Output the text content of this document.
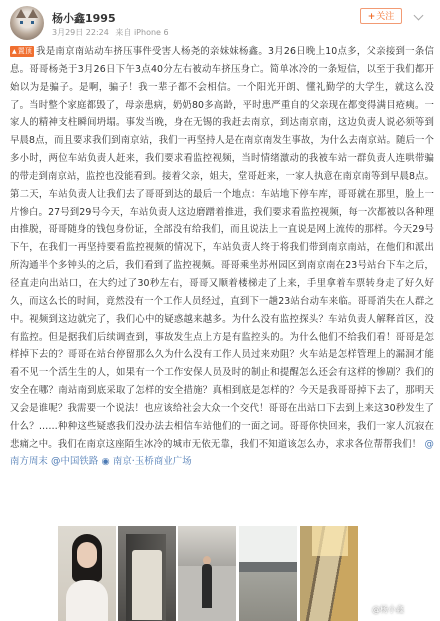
杨小鑫1995
3月29日 22:24 来自 iPhone 6
+关注
▲置顶 我是南京南站动车挤压事件受害人杨尧的亲妹妹杨鑫。3月26日晚上10点多，父亲接到一条信息。哥哥杨尧于3月26日下午3点40分左右被动车挤压身亡。简单冰冷的一条短信，以至于我们都开始以为是骗子。是啊，骗子！我一辈子都不会相信。一个阳光开朗、懂礼勤学的大学生，就这么没了。当时整个家庭都毁了，母亲患病，奶奶80多高龄，平时患严重自的父亲现在都变得满目疮痍。一家人的精神支柱瞬间坍塌。事发当晚，身在无锡的我赶去南京，到达南京南，这边负责人说必须等到早晨8点，而且要求我们到南京站，我们一再坚持人是在南京南发生事故，为什么去南京站。随后一个多小时，两位车站负责人赶来，我们要求看监控视频，当时情绪激动的我被车站一群负责人连哄带骗的带走到南京站，监控也没能看到。接着父亲，姐夫，堂哥赶来，一家人执意在南京南等到早晨8点。第二天，车站负责人让我们去了哥哥到达的最后一个地点：车站地下停车库，哥哥就在那里，脸上一片惨白。27号到29号今天，车站负责人这边磨蹭着推进，我们要求看监控视频，每一次都被以各种理由推脱，哥哥随身的钱包身份证，全部没有给我们，而且说法上一直说是网上流传的那样。今天29号下午，在我们一再坚持要看监控视频的情况下，车站负责人终于将我们带到南京南站，在他们和派出所沟通半个多钟头的之后，我们看到了监控视频。哥哥乘坐苏州园区到南京南在23号站台下车之后，径直走向出站口，在大约过了30秒左右，哥哥又顺着楼梯走了上来，手里拿着车票转身走了好久好久，而这么长的时间，竟然没有一个工作人员经过，直到下一趟23站台动车来临。哥哥消失在人群之中。视频到这边就完了，我们心中的疑惑越来越多。为什么没有监控探头？车站负责人解释首区，没有监控。但是据我们后续调查到，事故发生点上方是有监控头的。为什么他们不给我们看！哥哥是怎样掉下去的？哥哥在站台停留那么久为什么没有工作人员过来劝阻？火车站是怎样管理上的漏洞才能看不见一个活生生的人，如果有一个工作安保人员及时的制止和提醒怎么还会有这样的惨剧？我们的安全在哪？南站南到底采取了怎样的安全措施？真相到底是怎样的？今天是我哥哥掉下去了，那明天又会是谁呢？我需要一个说法！也应该给社会大众一个交代！哥哥在出站口下去到上来这30秒发生了什么？……种种这些疑惑我们没办法去相信车站他们的一面之词。哥哥你快回来，我们一家人沉寂在悲痛之中。我们在南京这座陌生冰冷的城市无依无靠，我们不知道该怎么办，求求各位帮帮我们！ @南方周末 @中国铁路 ◉ 南京·玉桥商业广场
@杨小鑫
